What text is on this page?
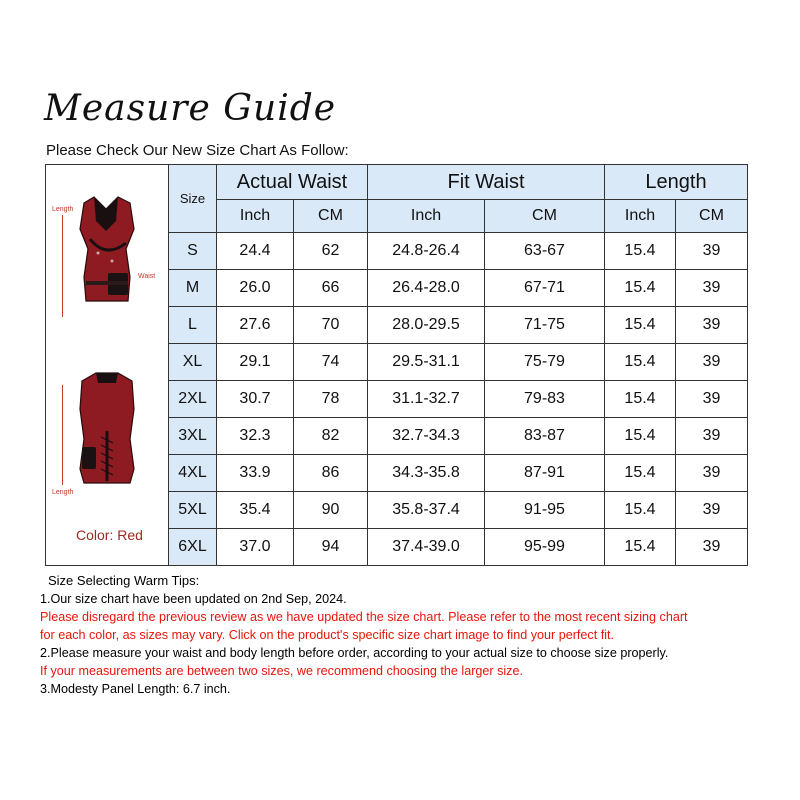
Measure Guide
Please Check Our New Size Chart As Follow:
Length
Waist
Length
Color: Red	Size	Actual Waist		Fit Waist		Length	
		Inch	CM	Inch	CM	Inch	CM
	S	24.4	62	24.8-26.4	63-67	15.4	39
	M	26.0	66	26.4-28.0	67-71	15.4	39
	L	27.6	70	28.0-29.5	71-75	15.4	39
	XL	29.1	74	29.5-31.1	75-79	15.4	39
	2XL	30.7	78	31.1-32.7	79-83	15.4	39
	3XL	32.3	82	32.7-34.3	83-87	15.4	39
	4XL	33.9	86	34.3-35.8	87-91	15.4	39
	5XL	35.4	90	35.8-37.4	91-95	15.4	39
	6XL	37.0	94	37.4-39.0	95-99	15.4	39
Size Selecting Warm Tips:
1.Our size chart have been updated on 2nd Sep, 2024.
Please disregard the previous review as we have updated the size chart. Please refer to the most recent sizing chart
for each color, as sizes may vary. Click on the product's specific size chart image to find your perfect fit.
2.Please measure your waist and body length before order, according to your actual size to choose size properly.
If your measurements are between two sizes, we recommend choosing the larger size.
3.Modesty Panel Length: 6.7 inch.
